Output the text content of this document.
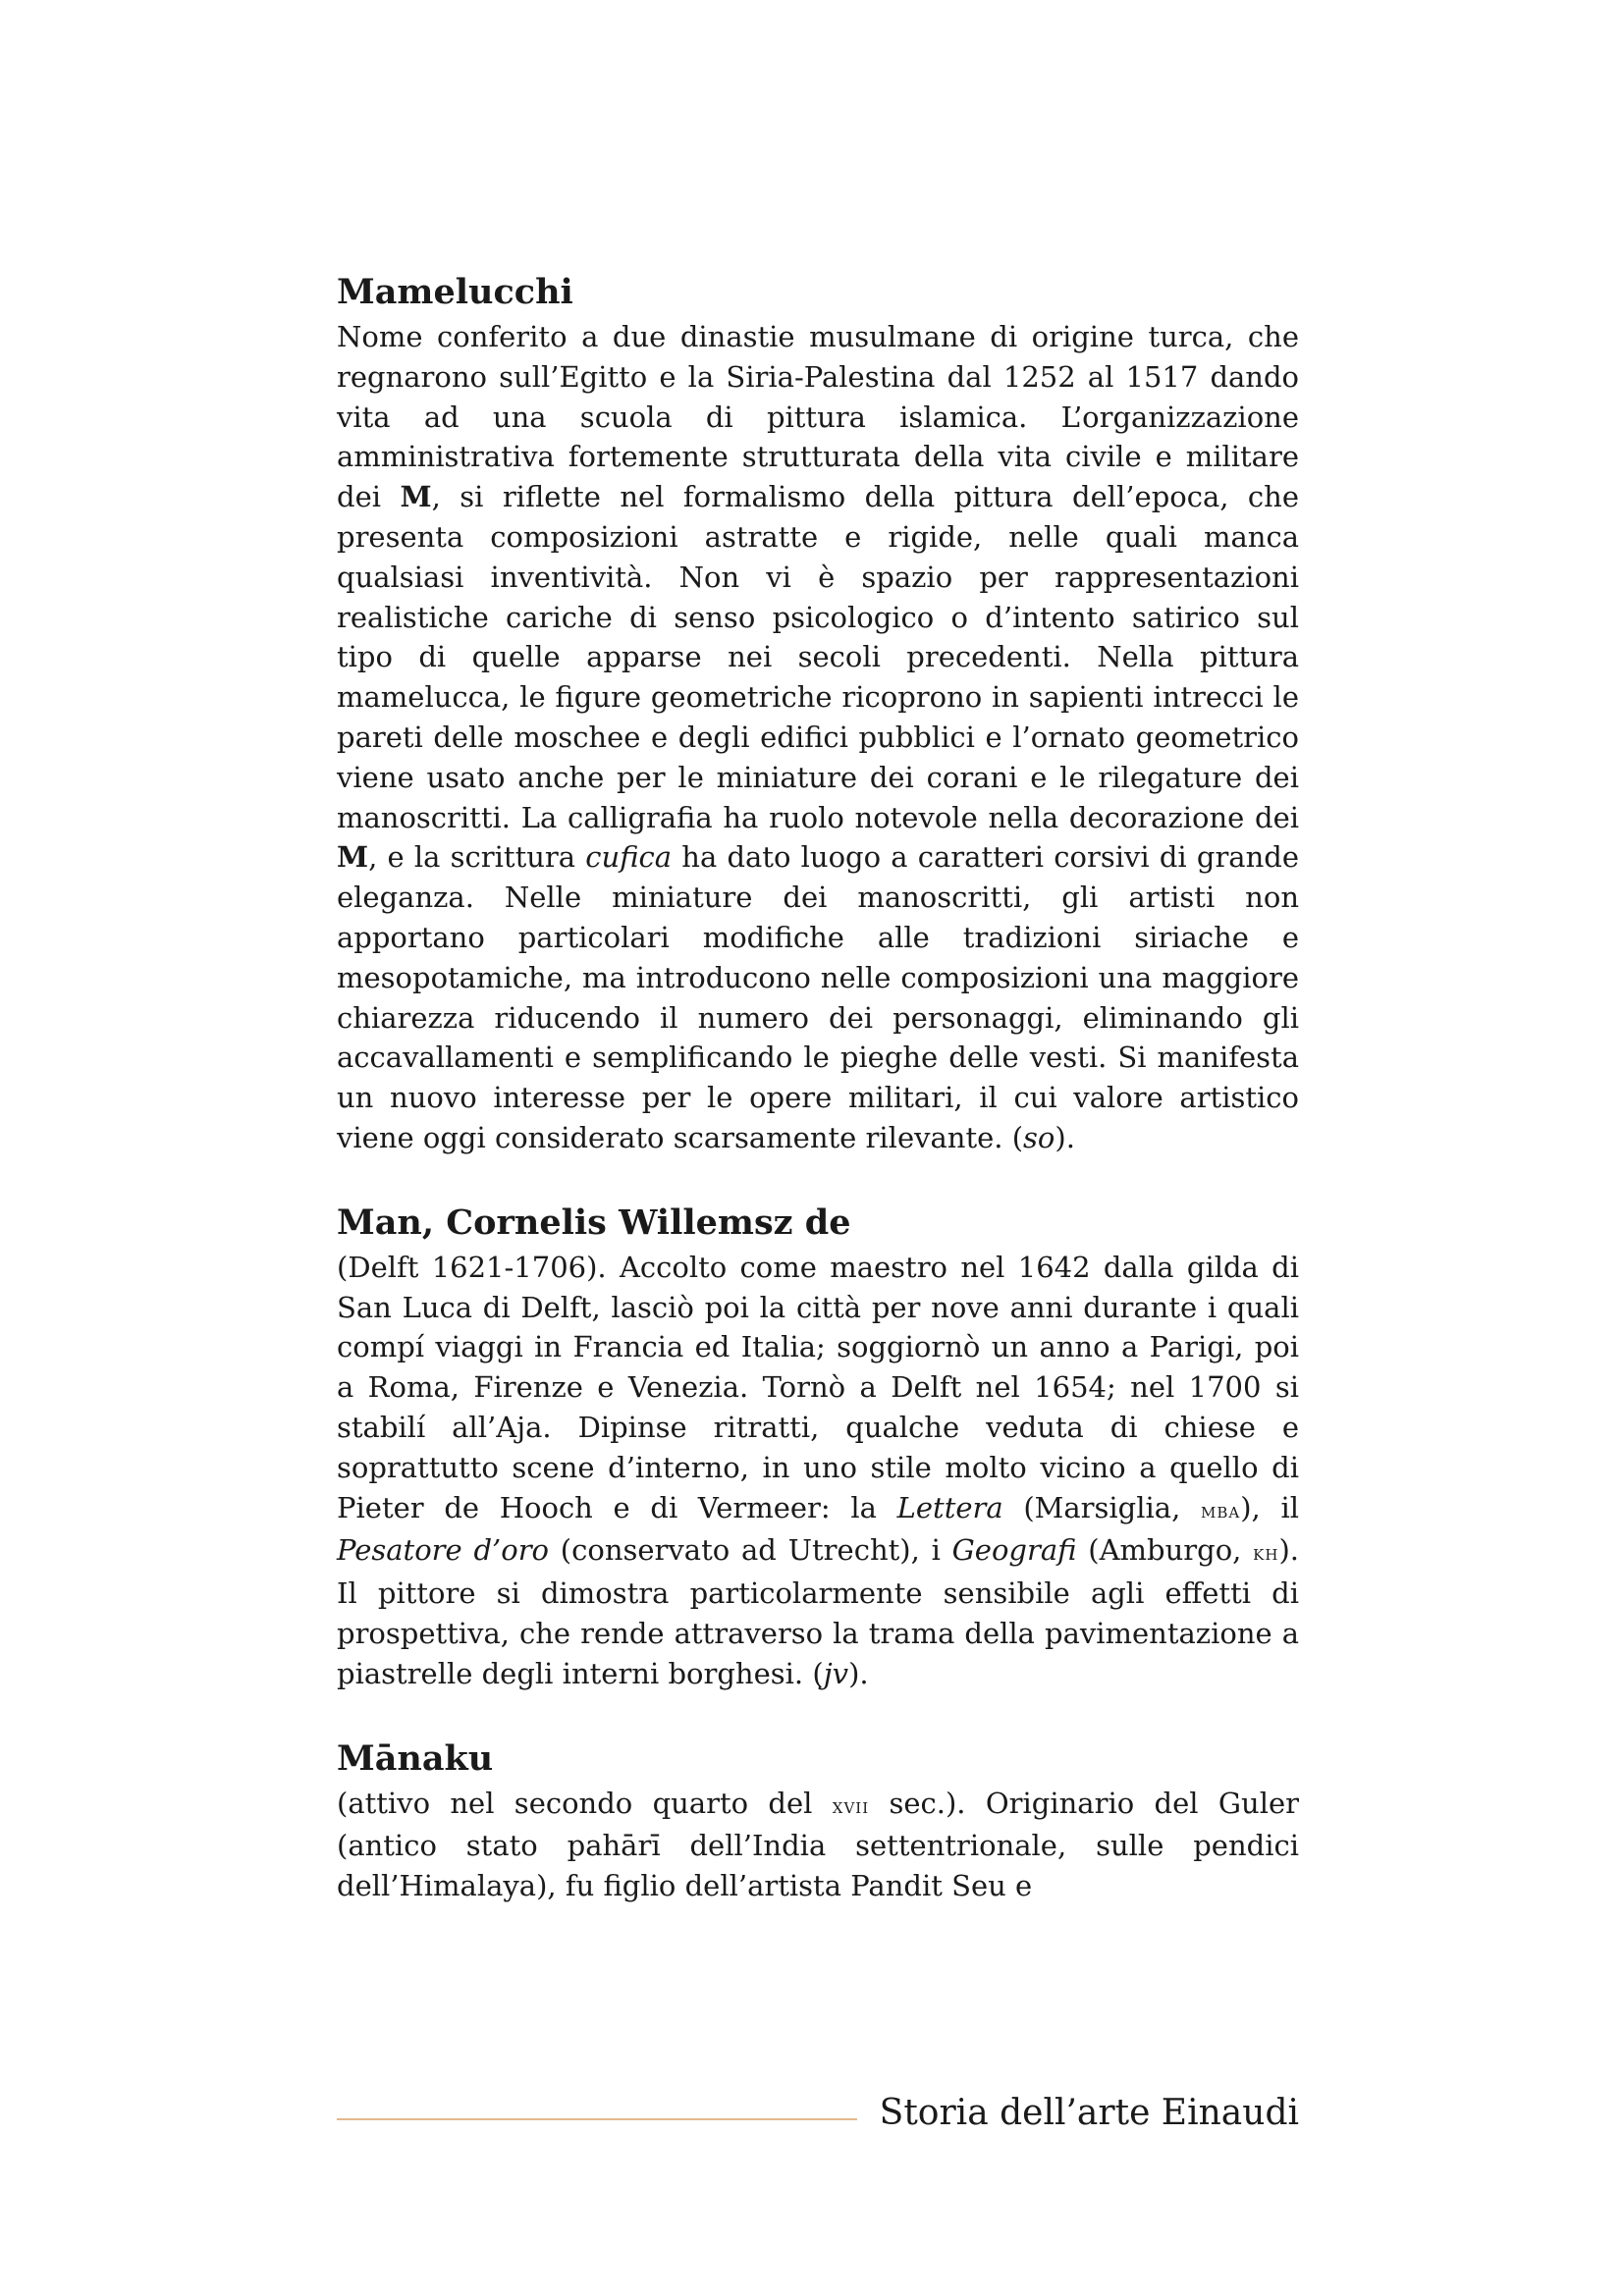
Mamelucchi

Nome conferito a due dinastie musulmane di origine turca, che regnarono sull’Egitto e la Siria-Palestina dal 1252 al 1517 dando vita ad una scuola di pittura islamica. L’organizzazione amministrativa fortemente strutturata della vita civile e militare dei M, si riflette nel formalismo della pittura dell’epoca, che presenta composizioni astratte e rigide, nelle quali manca qualsiasi inventività. Non vi è spazio per rappresentazioni realistiche cariche di senso psicologico o d’intento satirico sul tipo di quelle apparse nei secoli precedenti. Nella pittura mamelucca, le figure geometriche ricoprono in sapienti intrecci le pareti delle moschee e degli edifici pubblici e l’ornato geometrico viene usato anche per le miniature dei corani e le rilegature dei manoscritti. La calligrafia ha ruolo notevole nella decorazione dei M, e la scrittura cufica ha dato luogo a caratteri corsivi di grande eleganza. Nelle miniature dei manoscritti, gli artisti non apportano particolari modifiche alle tradizioni siriache e mesopotamiche, ma introducono nelle composizioni una maggiore chiarezza riducendo il numero dei personaggi, eliminando gli accavallamenti e semplificando le pieghe delle vesti. Si manifesta un nuovo interesse per le opere militari, il cui valore artistico viene oggi considerato scarsamente rilevante. (so).

Man, Cornelis Willemsz de

(Delft 1621-1706). Accolto come maestro nel 1642 dalla gilda di San Luca di Delft, lasciò poi la città per nove anni durante i quali compí viaggi in Francia ed Italia; soggiornò un anno a Parigi, poi a Roma, Firenze e Venezia. Tornò a Delft nel 1654; nel 1700 si stabilí all’Aja. Dipinse ritratti, qualche veduta di chiese e soprattutto scene d’interno, in uno stile molto vicino a quello di Pieter de Hooch e di Vermeer: la Lettera (Marsiglia, mba), il Pesatore d’oro (conservato ad Utrecht), i Geografi (Amburgo, kh). Il pittore si dimostra particolarmente sensibile agli effetti di prospettiva, che rende attraverso la trama della pavimentazione a piastrelle degli interni borghesi. (jv).

Mānaku

(attivo nel secondo quarto del xvii sec.). Originario del Guler (antico stato pahārī dell’India settentrionale, sulle pendici dell’Himalaya), fu figlio dell’artista Pandit Seu e

Storia dell’arte Einaudi
